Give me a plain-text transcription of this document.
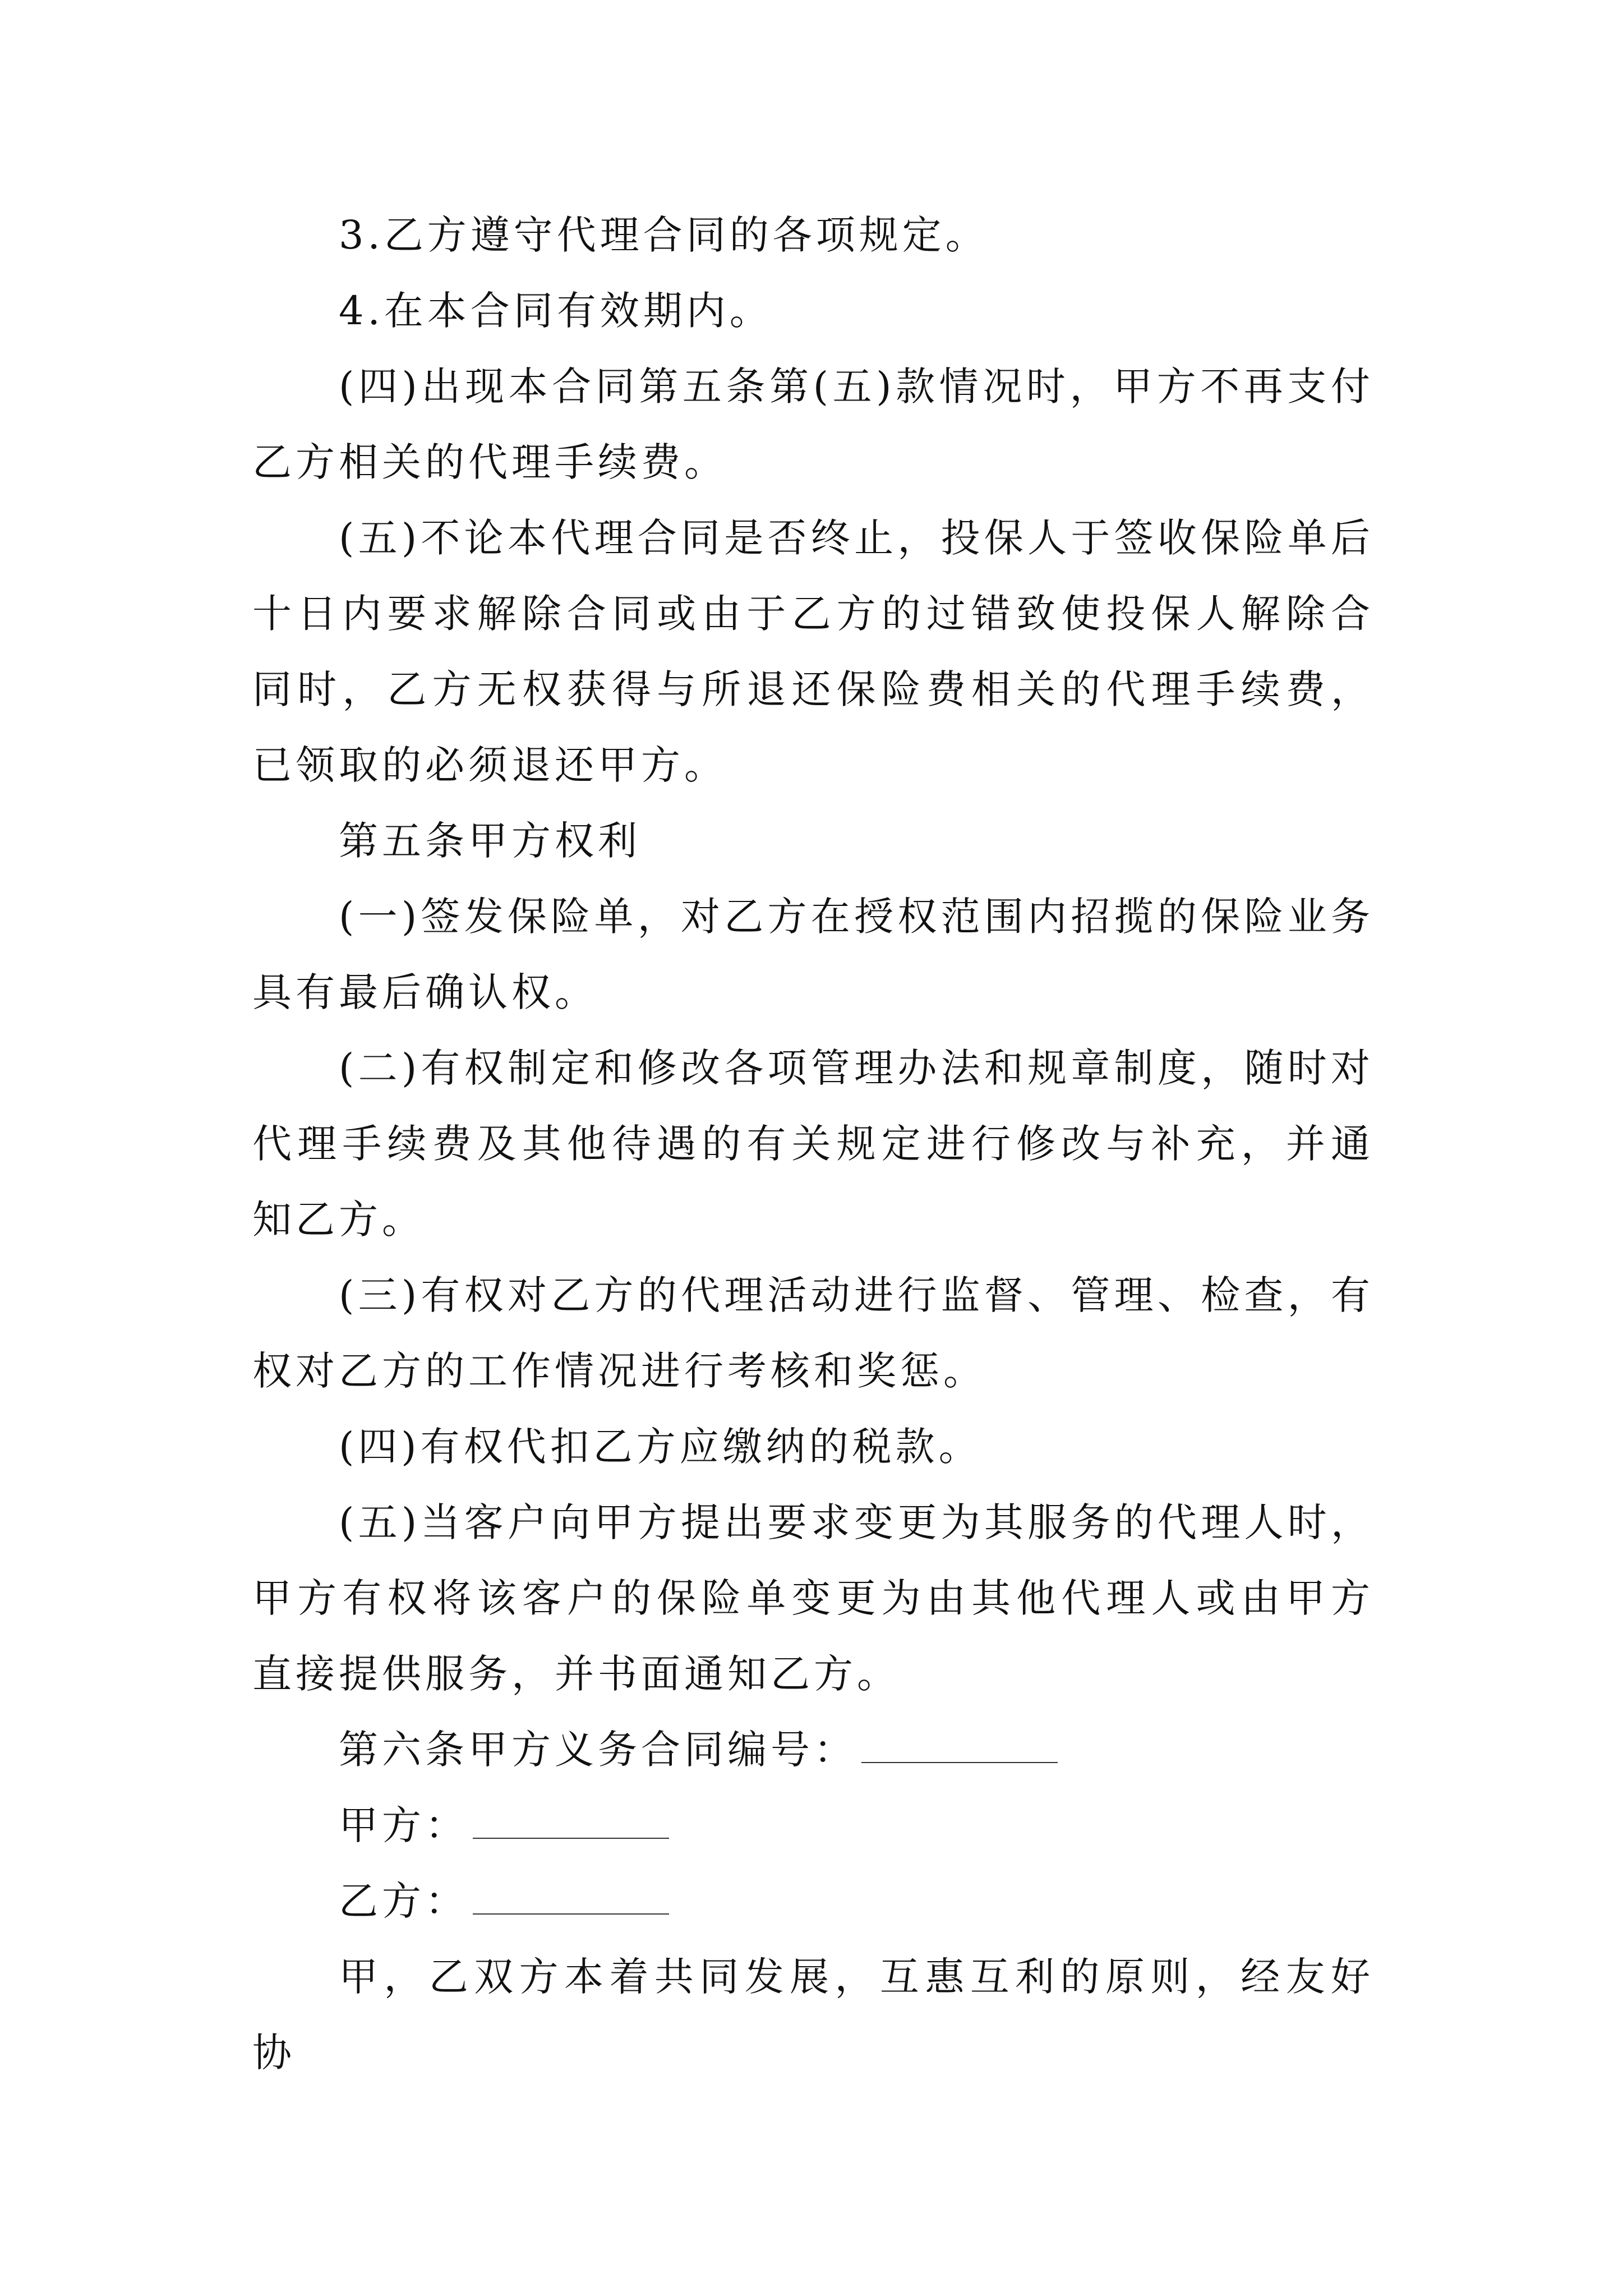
3.乙方遵守代理合同的各项规定。

4.在本合同有效期内。

(四)出现本合同第五条第(五)款情况时，甲方不再支付乙方相关的代理手续费。

(五)不论本代理合同是否终止，投保人于签收保险单后十日内要求解除合同或由于乙方的过错致使投保人解除合同时，乙方无权获得与所退还保险费相关的代理手续费，已领取的必须退还甲方。

第五条甲方权利

(一)签发保险单，对乙方在授权范围内招揽的保险业务具有最后确认权。

(二)有权制定和修改各项管理办法和规章制度，随时对代理手续费及其他待遇的有关规定进行修改与补充，并通知乙方。

(三)有权对乙方的代理活动进行监督、管理、检查，有权对乙方的工作情况进行考核和奖惩。

(四)有权代扣乙方应缴纳的税款。

(五)当客户向甲方提出要求变更为其服务的代理人时，甲方有权将该客户的保险单变更为由其他代理人或由甲方直接提供服务，并书面通知乙方。

第六条甲方义务合同编号：

甲方：

乙方：

甲，乙双方本着共同发展，互惠互利的原则，经友好协
